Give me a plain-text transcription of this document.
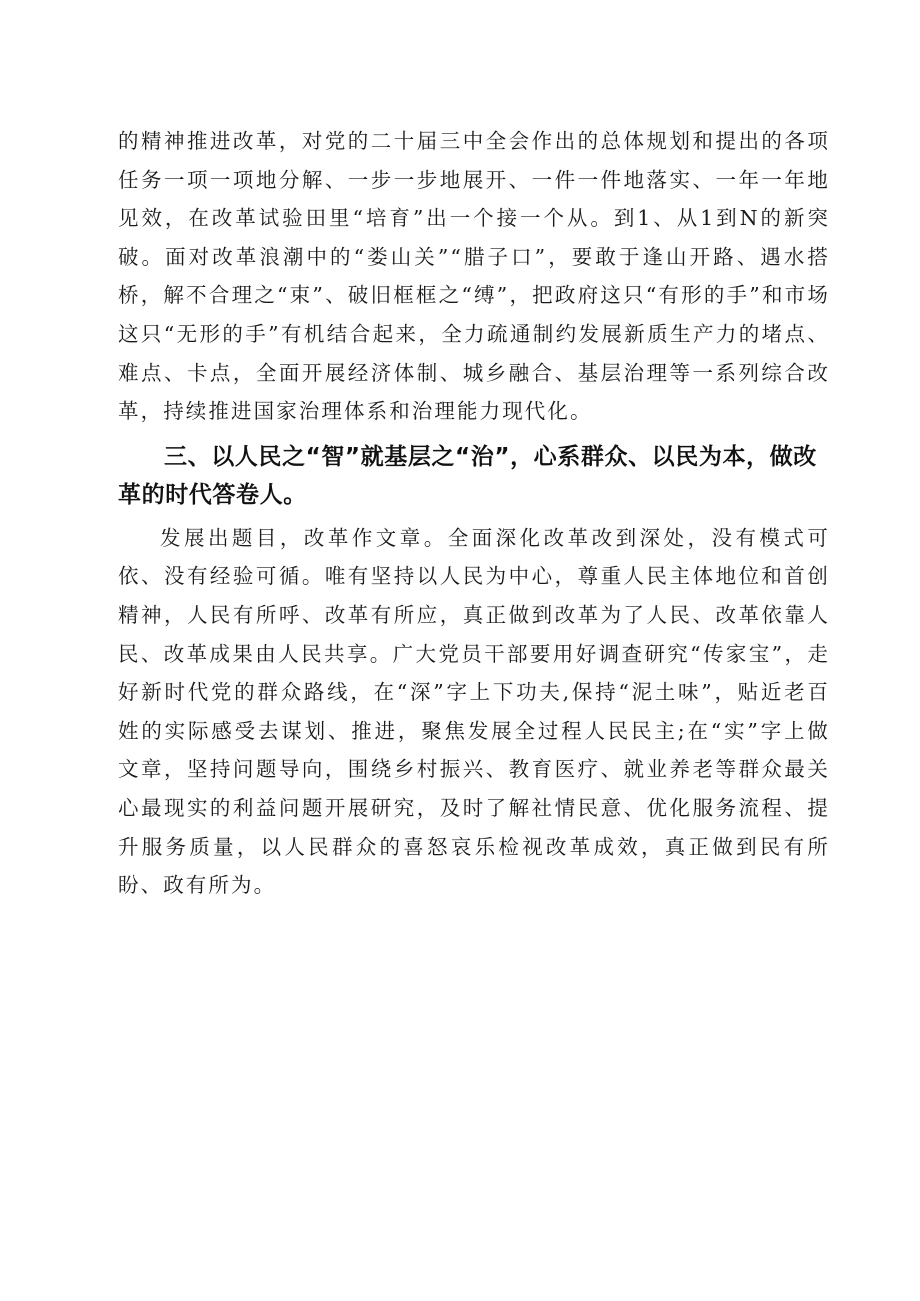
的精神推进改革，对党的二十届三中全会作出的总体规划和提出的各项任务一项一项地分解、一步一步地展开、一件一件地落实、一年一年地见效，在改革试验田里“培育”出一个接一个从。到1、从1到N的新突破。面对改革浪潮中的“娄山关”“腊子口”，要敢于逢山开路、遇水搭桥，解不合理之“束”、破旧框框之“缚”，把政府这只“有形的手”和市场这只“无形的手”有机结合起来，全力疏通制约发展新质生产力的堵点、难点、卡点，全面开展经济体制、城乡融合、基层治理等一系列综合改革，持续推进国家治理体系和治理能力现代化。

三、以人民之“智”就基层之“治”，心系群众、以民为本，做改革的时代答卷人。

发展出题目，改革作文章。全面深化改革改到深处，没有模式可依、没有经验可循。唯有坚持以人民为中心，尊重人民主体地位和首创精神，人民有所呼、改革有所应，真正做到改革为了人民、改革依靠人民、改革成果由人民共享。广大党员干部要用好调查研究“传家宝”，走好新时代党的群众路线，在“深”字上下功夫,保持“泥土味”，贴近老百姓的实际感受去谋划、推进，聚焦发展全过程人民民主;在“实”字上做文章，坚持问题导向，围绕乡村振兴、教育医疗、就业养老等群众最关心最现实的利益问题开展研究，及时了解社情民意、优化服务流程、提升服务质量，以人民群众的喜怒哀乐检视改革成效，真正做到民有所盼、政有所为。
